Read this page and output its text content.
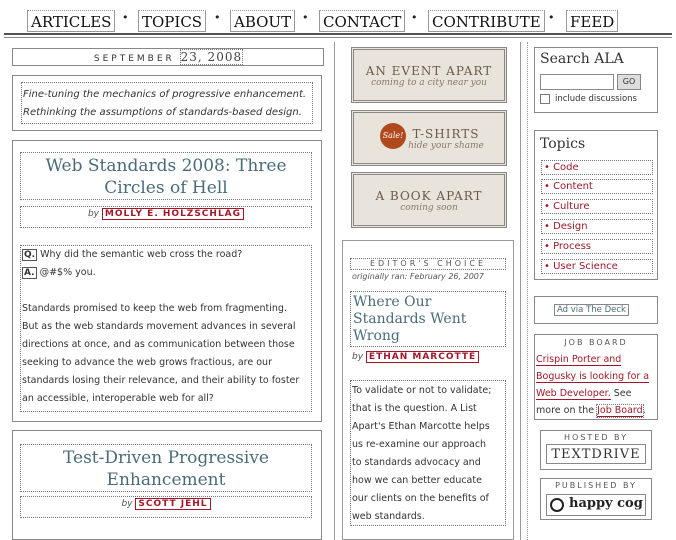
ARTICLES • TOPICS	• ABOUT • CONTACT • CONTRIBUTE • FEED
SEPTEMBER 23, 2008
Fine-tuning the mechanics of progressive enhancement.
Rethinking the assumptions of standards-based design.
Web Standards 2008: Three
Circles of Hell
by MOLLY E. HOLZSCHLAG
Q. Why did the semantic web cross the road?
A. @#$% you.
Standards promised to keep the web from fragmenting.
But as the web standards movement advances in several
directions at once, and as communication between those
seeking to advance the web grows fractious, are our
standards losing their relevance, and their ability to foster
an accessible, interoperable web for all?
Test-Driven Progressive
Enhancement
by SCOTT JEHL
AN EVENT APART
coming to a city near you
Sale! T-SHIRTS
hide your shame
A BOOK APART
coming soon
EDITOR'S CHOICE
originally ran: February 26, 2007
Where Our
Standards Went
Wrong
by ETHAN MARCOTTE
To validate or not to validate;
that is the question. A List
Apart's Ethan Marcotte helps
us re-examine our approach
to standards advocacy and
how we can better educate
our clients on the benefits of
web standards.
Search ALA
GO
include discussions
Topics
• Code
• Content
• Culture
• Design
• Process
• User Science
Ad via The Deck
JOB BOARD
Crispin Porter and
Bogusky is looking for a
Web Developer. See
more on the Job Board.
HOSTED BY
TEXTDRIVE
PUBLISHED BY
happy cog
